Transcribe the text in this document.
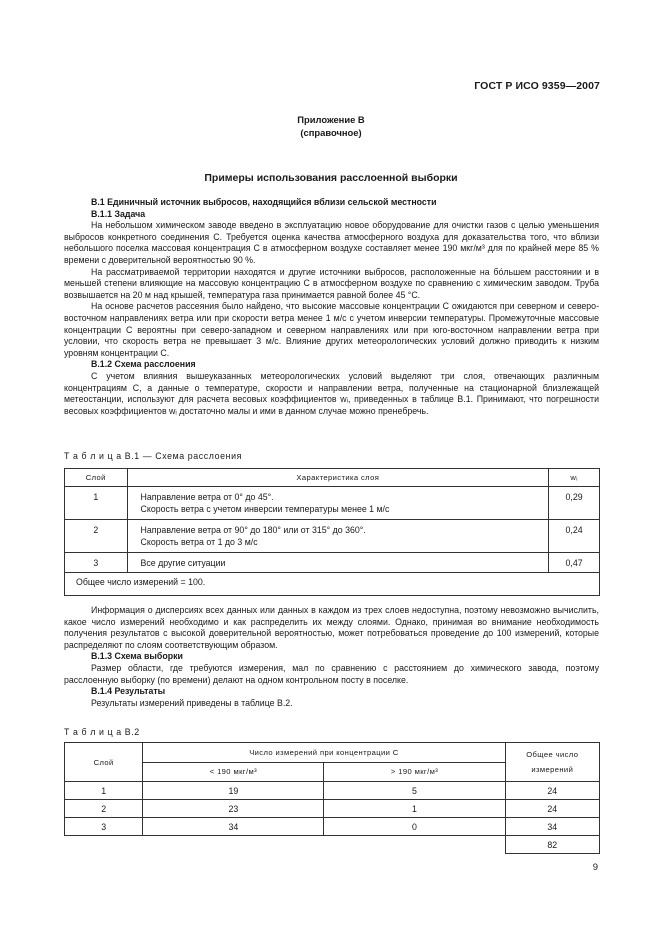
ГОСТ Р ИСО 9359—2007
Приложение В
(справочное)
Примеры использования расслоенной выборки

B.1 Единичный источник выбросов, находящийся вблизи сельской местности

B.1.1 Задача

На небольшом химическом заводе введено в эксплуатацию новое оборудование для очистки газов с целью уменьшения выбросов конкретного соединения C. Требуется оценка качества атмосферного воздуха для доказательства того, что вблизи небольшого поселка массовая концентрация C в атмосферном воздухе составляет менее 190 мкг/м³ для по крайней мере 85 % времени с доверительной вероятностью 90 %.

На рассматриваемой территории находятся и другие источники выбросов, расположенные на бо́льшем расстоянии и в меньшей степени влияющие на массовую концентрацию C в атмосферном воздухе по сравнению с химическим заводом. Труба возвышается на 20 м над крышей, температура газа принимается равной более 45 °C.

На основе расчетов рассеяния было найдено, что высокие массовые концентрации C ожидаются при северном и северо-восточном направлениях ветра или при скорости ветра менее 1 м/с с учетом инверсии температуры. Промежуточные массовые концентрации C вероятны при северо-западном и северном направлениях или при юго-восточном направлении ветра при условии, что скорость ветра не превышает 3 м/с. Влияние других метеорологических условий должно приводить к низким уровням концентрации C.

B.1.2 Схема расслоения

C учетом влияния вышеуказанных метеорологических условий выделяют три слоя, отвечающих различным концентрациям C, а данные о температуре, скорости и направлении ветра, полученные на стационарной близлежащей метеостанции, используют для расчета весовых коэффициентов wᵢ, приведенных в таблице В.1. Принимают, что погрешности весовых коэффициентов wᵢ достаточно малы и ими в данном случае можно пренебречь.

Т а б л и ц а В.1 — Схема расслоения
Слой	Характеристика слоя	wᵢ
1	Направление ветра от 0° до 45°.
Скорость ветра с учетом инверсии температуры менее 1 м/с	0,29
2	Направление ветра от 90° до 180° или от 315° до 360°.
Скорость ветра от 1 до 3 м/с	0,24
3	Все другие ситуации	0,47
Общее число измерений = 100.		

Информация о дисперсиях всех данных или данных в каждом из трех слоев недоступна, поэтому невозможно вычислить, какое число измерений необходимо и как распределить их между слоями. Однако, принимая во внимание необходимость получения результатов с высокой доверительной вероятностью, может потребоваться проведение до 100 измерений, которые распределяют по слоям соответствующим образом.

B.1.3 Схема выборки

Размер области, где требуются измерения, мал по сравнению с расстоянием до химического завода, поэтому расслоенную выборку (по времени) делают на одном контрольном посту в поселке.

B.1.4 Результаты

Результаты измерений приведены в таблице В.2.

Т а б л и ц а В.2
Слой	Число измерений при концентрации C		Общее число измерений
	< 190 мкг/м³	> 190 мкг/м³	
1	19	5	24
2	23	1	24
3	34	0	34
			82
9
